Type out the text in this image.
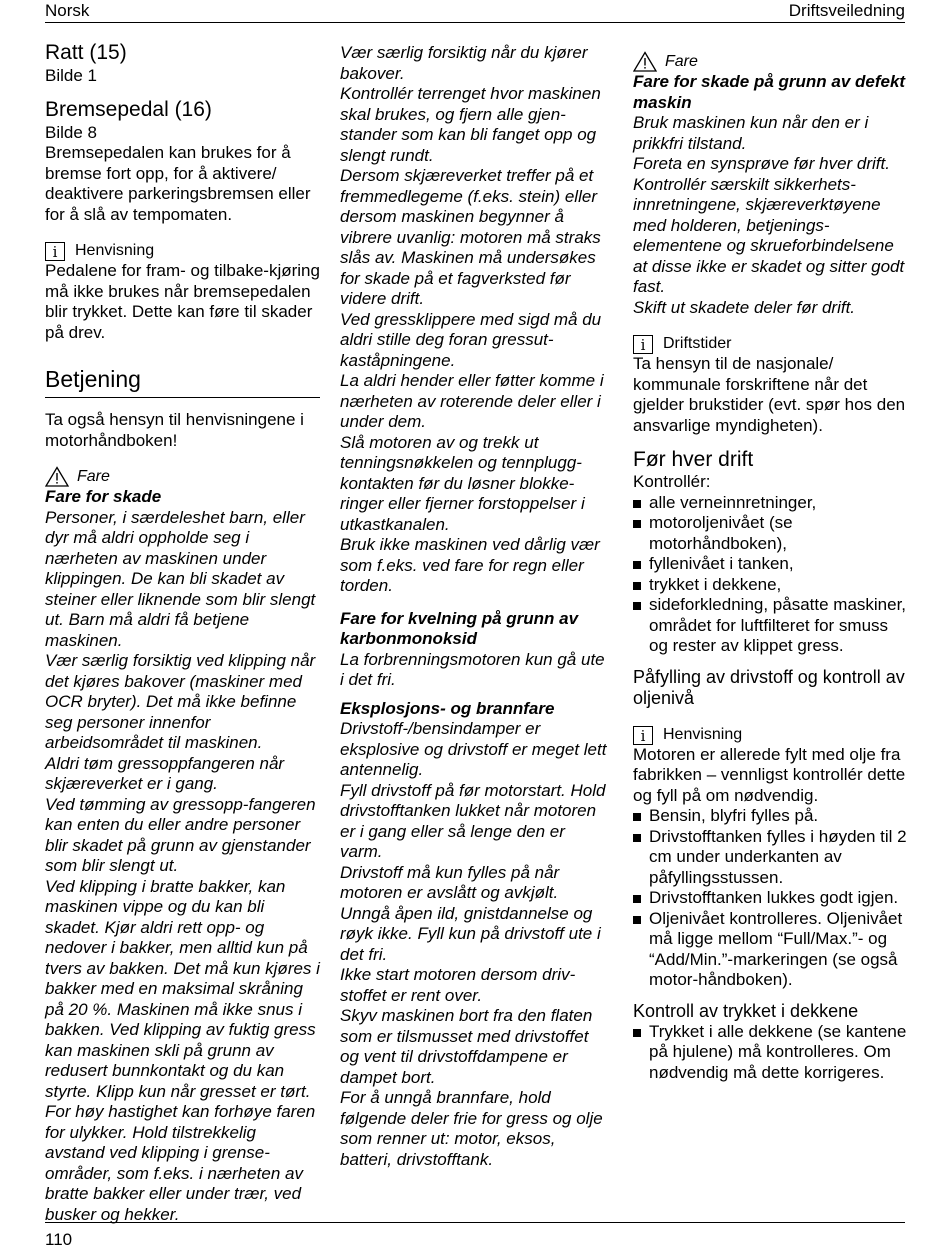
Norsk	Driftsveiledning
Ratt (15)

Bilde 1

Bremsepedal (16)

Bilde 8

Bremsepedalen kan brukes for å bremse fort opp, for å aktivere/ deaktivere parkeringsbremsen eller for å slå av tempomaten.

i	Henvisning

Pedalene for fram- og tilbake-kjøring må ikke brukes når bremsepedalen blir trykket. Dette kan føre til skader på drev.

Betjening

Ta også hensyn til henvisningene i motorhåndboken!

Fare

Fare for skade

Personer, i særdeleshet barn, eller dyr må aldri oppholde seg i nærheten av maskinen under klippingen. De kan bli skadet av steiner eller liknende som blir slengt ut. Barn må aldri få betjene maskinen.

Vær særlig forsiktig ved klipping når det kjøres bakover (maskiner med OCR bryter). Det må ikke befinne seg personer innenfor arbeidsområdet til maskinen.

Aldri tøm gressoppfangeren når skjæreverket er i gang.

Ved tømming av gressopp-fangeren kan enten du eller andre personer blir skadet på grunn av gjenstander som blir slengt ut.

Ved klipping i bratte bakker, kan maskinen vippe og du kan bli skadet. Kjør aldri rett opp- og nedover i bakker, men alltid kun på tvers av bakken. Det må kun kjøres i bakker med en maksimal skråning på 20 %. Maskinen må ikke snus i bakken. Ved klipping av fuktig gress kan maskinen skli på grunn av redusert bunnkontakt og du kan styrte. Klipp kun når gresset er tørt.

For høy hastighet kan forhøye faren for ulykker. Hold tilstrekkelig avstand ved klipping i grense-områder, som f.eks. i nærheten av bratte bakker eller under trær, ved busker og hekker.

Vær særlig forsiktig når du kjører bakover.

Kontrollér terrenget hvor maskinen skal brukes, og fjern alle gjen-stander som kan bli fanget opp og slengt rundt.

Dersom skjæreverket treffer på et fremmedlegeme (f.eks. stein) eller dersom maskinen begynner å vibrere uvanlig: motoren må straks slås av. Maskinen må undersøkes for skade på et fagverksted før videre drift.

Ved gressklippere med sigd må du aldri stille deg foran gressut-kaståpningene.

La aldri hender eller føtter komme i nærheten av roterende deler eller i under dem.

Slå motoren av og trekk ut tenningsnøkkelen og tennplugg-kontakten før du løsner blokke-ringer eller fjerner forstoppelser i utkastkanalen.

Bruk ikke maskinen ved dårlig vær som f.eks. ved fare for regn eller torden.

Fare for kvelning på grunn av karbonmonoksid

La forbrenningsmotoren kun gå ute i det fri.

Eksplosjons- og brannfare

Drivstoff-/bensindamper er eksplosive og drivstoff er meget lett antennelig.

Fyll drivstoff på før motorstart. Hold drivstofftanken lukket når motoren er i gang eller så lenge den er varm.

Drivstoff må kun fylles på når motoren er avslått og avkjølt.

Unngå åpen ild, gnistdannelse og røyk ikke. Fyll kun på drivstoff ute i det fri.

Ikke start motoren dersom driv-stoffet er rent over.

Skyv maskinen bort fra den flaten som er tilsmusset med drivstoffet og vent til drivstoffdampene er dampet bort.

For å unngå brannfare, hold følgende deler frie for gress og olje som renner ut: motor, eksos, batteri, drivstofftank.

Fare

Fare for skade på grunn av defekt maskin

Bruk maskinen kun når den er i prikkfri tilstand.

Foreta en synsprøve før hver drift. Kontrollér særskilt sikkerhets-innretningene, skjæreverktøyene med holderen, betjenings-elementene og skrueforbindelsene at disse ikke er skadet og sitter godt fast.

Skift ut skadete deler før drift.

i	Driftstider

Ta hensyn til de nasjonale/ kommunale forskriftene når det gjelder brukstider (evt. spør hos den ansvarlige myndigheten).

Før hver drift

Kontrollér:

alle verneinnretninger,
motoroljenivået (se motorhåndboken),
fyllenivået i tanken,
trykket i dekkene,
sideforkledning, påsatte maskiner, området for luftfilteret for smuss og rester av klippet gress.
Påfylling av drivstoff og kontroll av oljenivå
i	Henvisning

Motoren er allerede fylt med olje fra fabrikken – vennligst kontrollér dette og fyll på om nødvendig.

Bensin, blyfri fylles på.
Drivstofftanken fylles i høyden til 2 cm under underkanten av påfyllingsstussen.
Drivstofftanken lukkes godt igjen.
Oljenivået kontrolleres. Oljenivået må ligge mellom “Full/Max.”- og “Add/Min.”-markeringen (se også motor-håndboken).
Kontroll av trykket i dekkene
Trykket i alle dekkene (se kantene på hjulene) må kontrolleres. Om nødvendig må dette korrigeres.
110
